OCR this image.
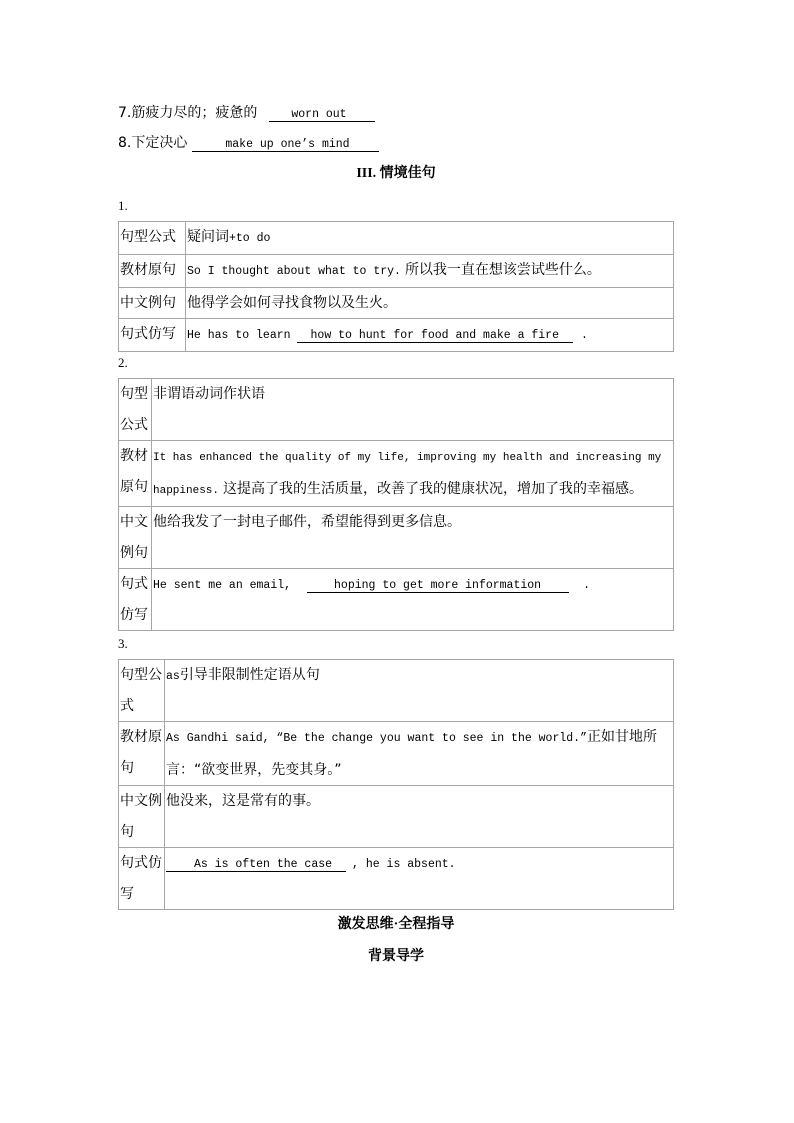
7.筋疲力尽的；疲惫的	worn out
8.下定决心	make up one’s mind
III. 情境佳句
1.
句型公式	疑问词+to do
教材原句	So I thought about what to try. 所以我一直在想该尝试些什么。
中文例句	他得学会如何寻找食物以及生火。
句式仿写	He has to learn how to hunt for food and make a fire .
2.
句型公式	非谓语动词作状语
教材原句	It has enhanced the quality of my life, improving my health and increasing my happiness. 这提高了我的生活质量，改善了我的健康状况，增加了我的幸福感。
中文例句	他给我发了一封电子邮件，希望能得到更多信息。
句式仿写	He sent me an email, hoping to get more information .
3.
句型公式	as引导非限制性定语从句
教材原句	As Gandhi said, “Be the change you want to see in the world.”正如甘地所言：“欲变世界，先变其身。”
中文例句	他没来，这是常有的事。
句式仿写	As is often the case , he is absent.
激发思维·全程指导
背景导学
